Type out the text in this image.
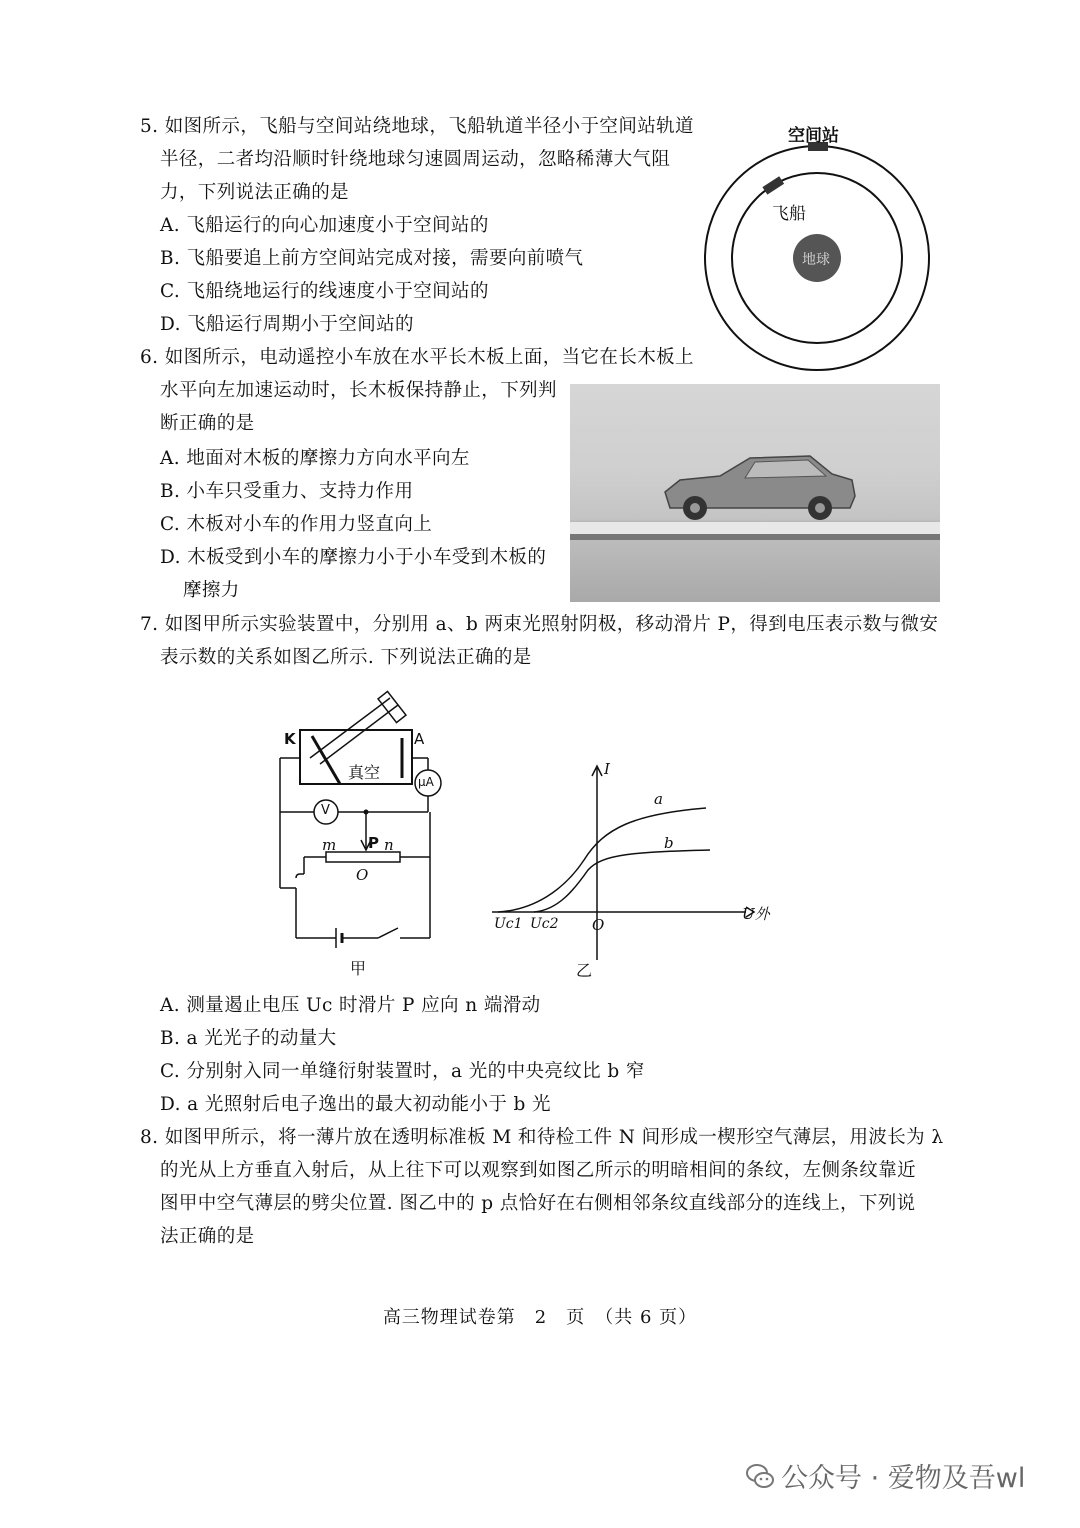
5. 如图所示，飞船与空间站绕地球，飞船轨道半径小于空间站轨道
半径，二者均沿顺时针绕地球匀速圆周运动，忽略稀薄大气阻
力，下列说法正确的是
A. 飞船运行的向心加速度小于空间站的
B. 飞船要追上前方空间站完成对接，需要向前喷气
C. 飞船绕地运行的线速度小于空间站的
D. 飞船运行周期小于空间站的
空间站
飞船
地球
6. 如图所示，电动遥控小车放在水平长木板上面，当它在长木板上
水平向左加速运动时，长木板保持静止，下列判
断正确的是
A. 地面对木板的摩擦力方向水平向左
B. 小车只受重力、支持力作用
C. 木板对小车的作用力竖直向上
D. 木板受到小车的摩擦力小于小车受到木板的
摩擦力
7. 如图甲所示实验装置中，分别用 a、b 两束光照射阴极，移动滑片 P，得到电压表示数与微安
表示数的关系如图乙所示. 下列说法正确的是
K	A
真空	μA
V
m P n
O
甲
I
U外
a
b
Uc1 Uc2 O
乙
A. 测量遏止电压 Uc 时滑片 P 应向 n 端滑动
B. a 光光子的动量大
C. 分别射入同一单缝衍射装置时，a 光的中央亮纹比 b 窄
D. a 光照射后电子逸出的最大初动能小于 b 光
8. 如图甲所示，将一薄片放在透明标准板 M 和待检工件 N 间形成一楔形空气薄层，用波长为 λ
的光从上方垂直入射后，从上往下可以观察到如图乙所示的明暗相间的条纹，左侧条纹靠近
图甲中空气薄层的劈尖位置. 图乙中的 p 点恰好在右侧相邻条纹直线部分的连线上，下列说
法正确的是
高三物理试卷第　2　页　（共 6 页）
公众号 · 爱物及吾wl
